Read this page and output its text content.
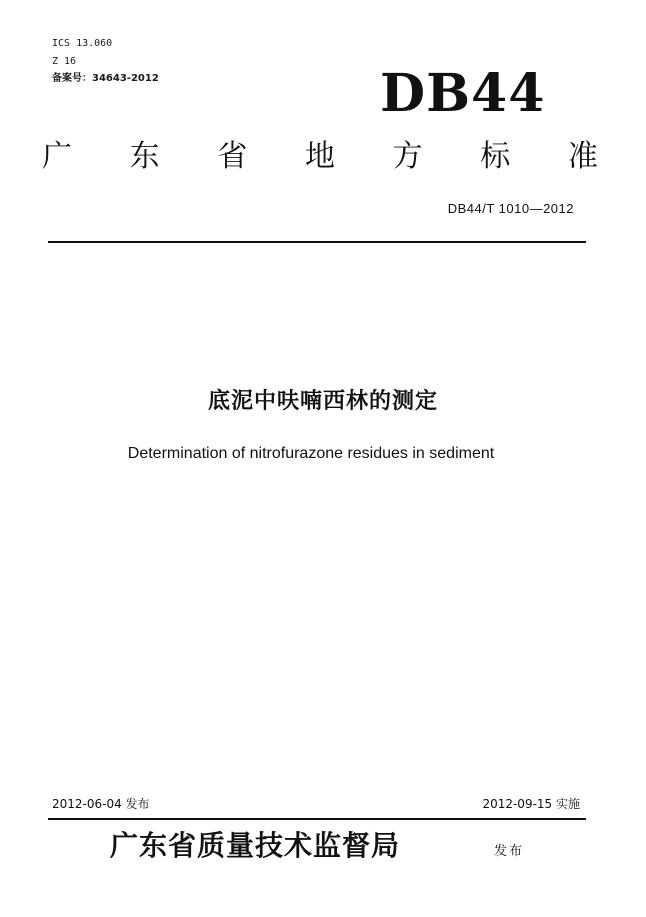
ICS 13.060
Z 16
备案号：34643-2012	DB44
广 东 省 地 方 标 准
DB44/T 1010—2012
底泥中呋喃西林的测定
Determination of nitrofurazone residues in sediment
2012-06-04 发布	2012-09-15 实施
广东省质量技术监督局	发布
